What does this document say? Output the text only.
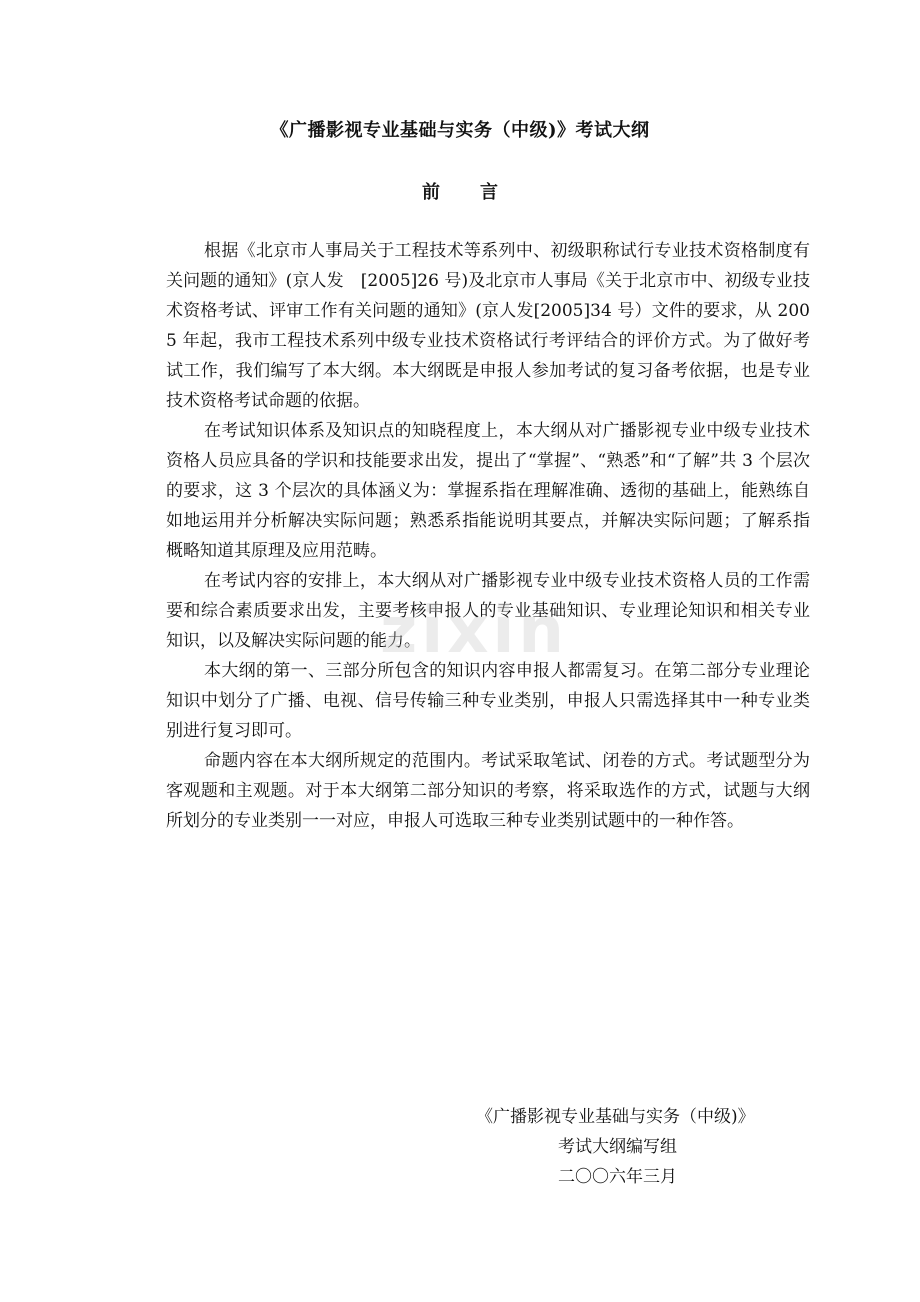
《广播影视专业基础与实务（中级)》考试大纲
前言

根据《北京市人事局关于工程技术等系列中、初级职称试行专业技术资格制度有关问题的通知》(京人发　[2005]26 号)及北京市人事局《关于北京市中、初级专业技术资格考试、评审工作有关问题的通知》(京人发[2005]34 号）文件的要求，从 2005 年起，我市工程技术系列中级专业技术资格试行考评结合的评价方式。为了做好考试工作，我们编写了本大纲。本大纲既是申报人参加考试的复习备考依据，也是专业技术资格考试命题的依据。

在考试知识体系及知识点的知晓程度上，本大纲从对广播影视专业中级专业技术资格人员应具备的学识和技能要求出发，提出了“掌握”、“熟悉”和“了解”共 3 个层次的要求，这 3 个层次的具体涵义为：掌握系指在理解准确、透彻的基础上，能熟练自如地运用并分析解决实际问题；熟悉系指能说明其要点，并解决实际问题；了解系指概略知道其原理及应用范畴。

在考试内容的安排上，本大纲从对广播影视专业中级专业技术资格人员的工作需要和综合素质要求出发，主要考核申报人的专业基础知识、专业理论知识和相关专业知识，以及解决实际问题的能力。

本大纲的第一、三部分所包含的知识内容申报人都需复习。在第二部分专业理论知识中划分了广播、电视、信号传输三种专业类别，申报人只需选择其中一种专业类别进行复习即可。

命题内容在本大纲所规定的范围内。考试采取笔试、闭卷的方式。考试题型分为客观题和主观题。对于本大纲第二部分知识的考察，将采取选作的方式，试题与大纲所划分的专业类别一一对应，申报人可选取三种专业类别试题中的一种作答。

zixin
《广播影视专业基础与实务（中级)》
考试大纲编写组
二〇〇六年三月
